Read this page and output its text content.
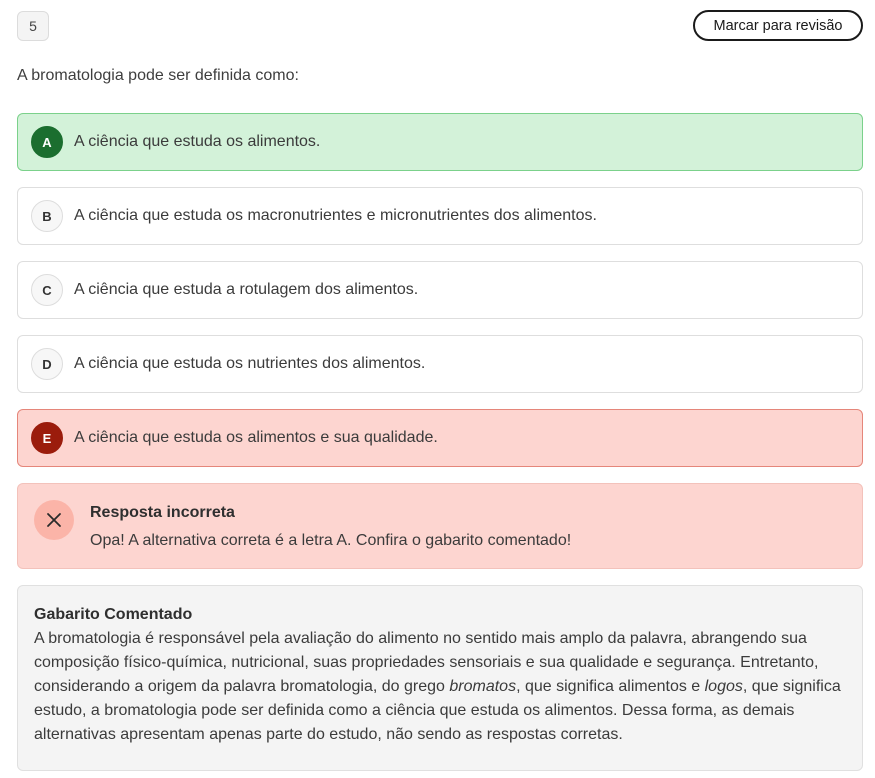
5	Marcar para revisão
A bromatologia pode ser definida como:
A	A ciência que estuda os alimentos.
B	A ciência que estuda os macronutrientes e micronutrientes dos alimentos.
C	A ciência que estuda a rotulagem dos alimentos.
D	A ciência que estuda os nutrientes dos alimentos.
E	A ciência que estuda os alimentos e sua qualidade.
Resposta incorreta
Opa! A alternativa correta é a letra A. Confira o gabarito comentado!
Gabarito Comentado
A bromatologia é responsável pela avaliação do alimento no sentido mais amplo da palavra, abrangendo sua composição físico-química, nutricional, suas propriedades sensoriais e sua qualidade e segurança. Entretanto, considerando a origem da palavra bromatologia, do grego bromatos, que significa alimentos e logos, que significa estudo, a bromatologia pode ser definida como a ciência que estuda os alimentos. Dessa forma, as demais alternativas apresentam apenas parte do estudo, não sendo as respostas corretas.
